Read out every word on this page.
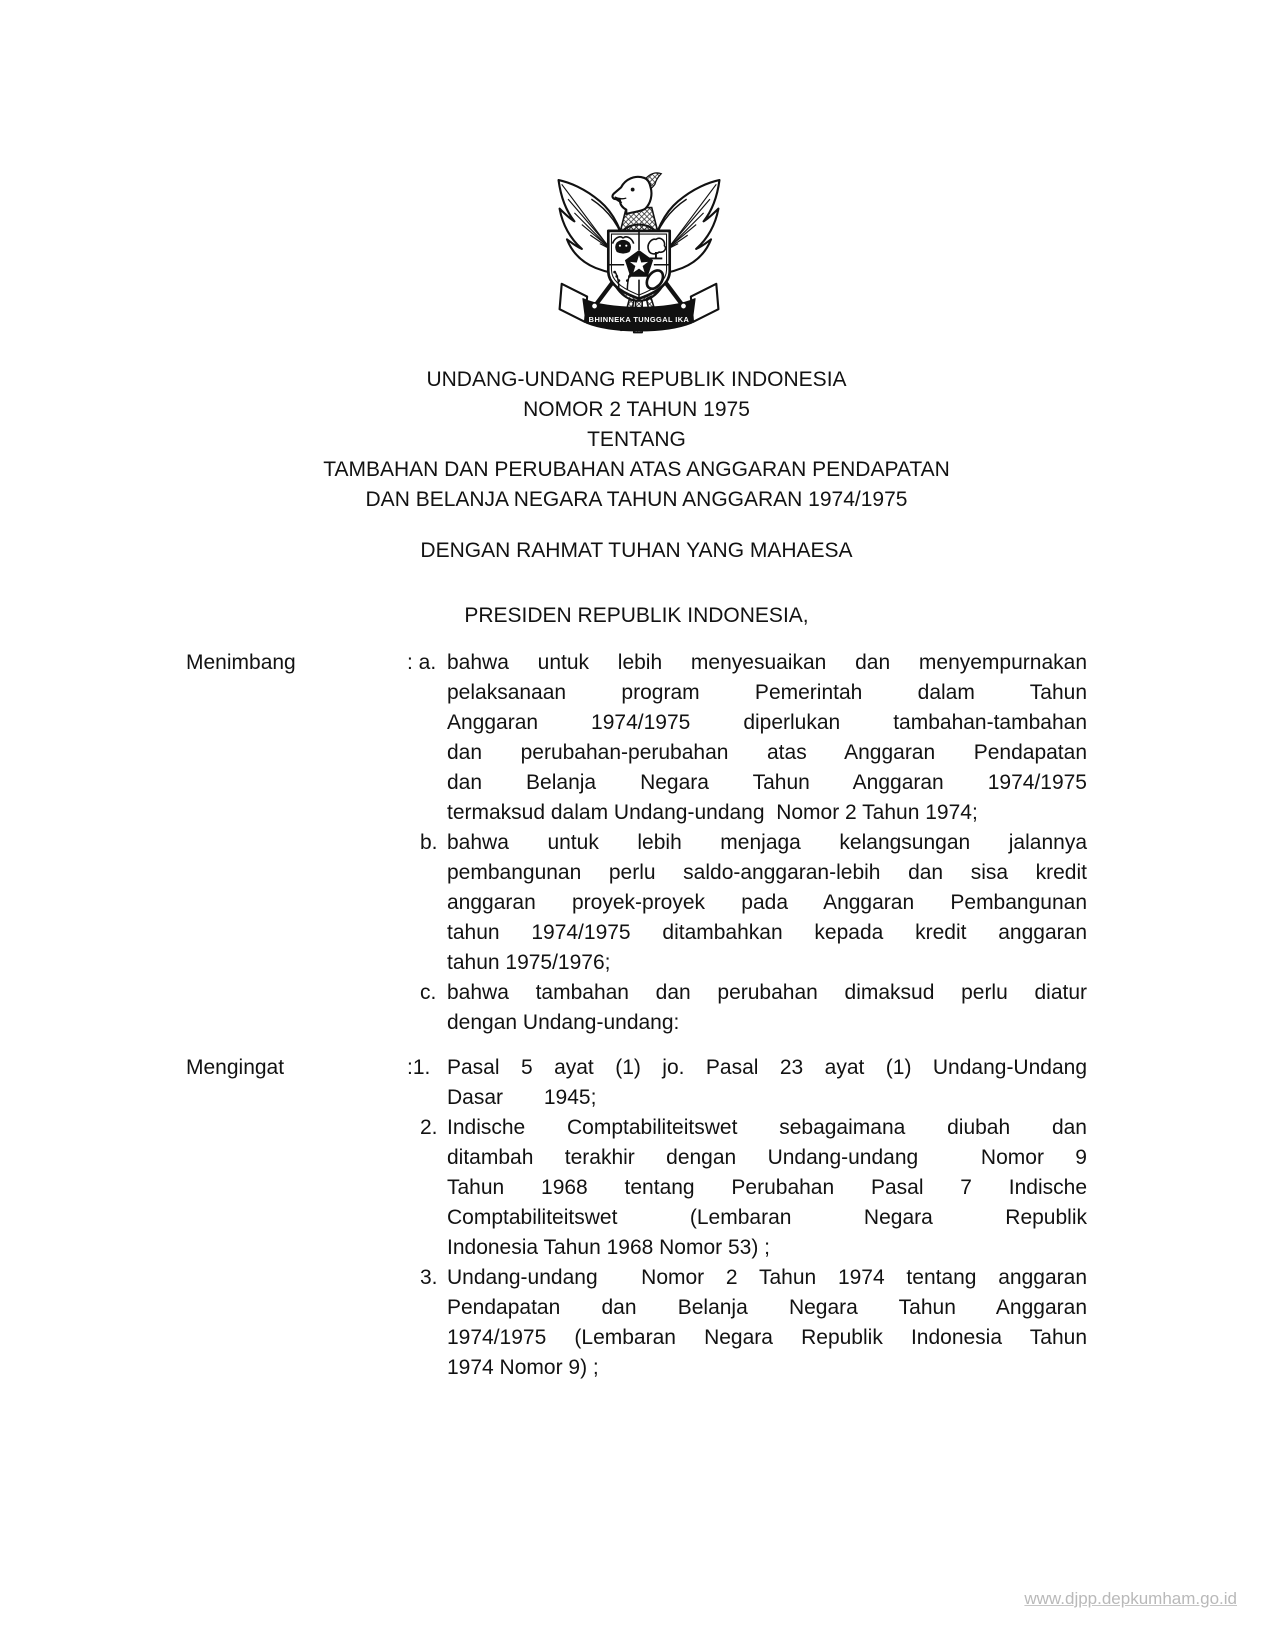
BHINNEKA TUNGGAL IKA
UNDANG-UNDANG REPUBLIK INDONESIA
NOMOR 2 TAHUN 1975
TENTANG
TAMBAHAN DAN PERUBAHAN ATAS ANGGARAN PENDAPATAN
DAN BELANJA NEGARA TAHUN ANGGARAN 1974/1975
DENGAN RAHMAT TUHAN YANG MAHAESA
PRESIDEN REPUBLIK INDONESIA,
Menimbang	: a. bahwa untuk lebih menyesuaikan dan menyempurnakan
pelaksanaan program Pemerintah dalam Tahun
Anggaran 1974/1975 diperlukan tambahan-tambahan
dan perubahan-perubahan atas Anggaran Pendapatan
dan Belanja Negara Tahun Anggaran 1974/1975
termaksud dalam Undang-undang  Nomor 2 Tahun 1974;
b. bahwa untuk lebih menjaga kelangsungan jalannya
pembangunan perlu saldo-anggaran-lebih dan sisa kredit
anggaran proyek-proyek pada Anggaran Pembangunan
tahun 1974/1975 ditambahkan kepada kredit anggaran
tahun 1975/1976;
c. bahwa tambahan dan perubahan dimaksud perlu diatur
dengan Undang-undang:
Mengingat	:1. Pasal 5 ayat (1) jo. Pasal 23 ayat (1) Undang-Undang
Dasar       1945;
2. Indische Comptabiliteitswet sebagaimana diubah dan
ditambah terakhir dengan Undang-undang  Nomor 9
Tahun 1968 tentang Perubahan Pasal 7 Indische
Comptabiliteitswet (Lembaran Negara Republik
Indonesia Tahun 1968 Nomor 53) ;
3. Undang-undang  Nomor 2 Tahun 1974 tentang anggaran
Pendapatan dan Belanja Negara Tahun Anggaran
1974/1975 (Lembaran Negara Republik Indonesia Tahun
1974 Nomor 9) ;
www.djpp.depkumham.go.id
